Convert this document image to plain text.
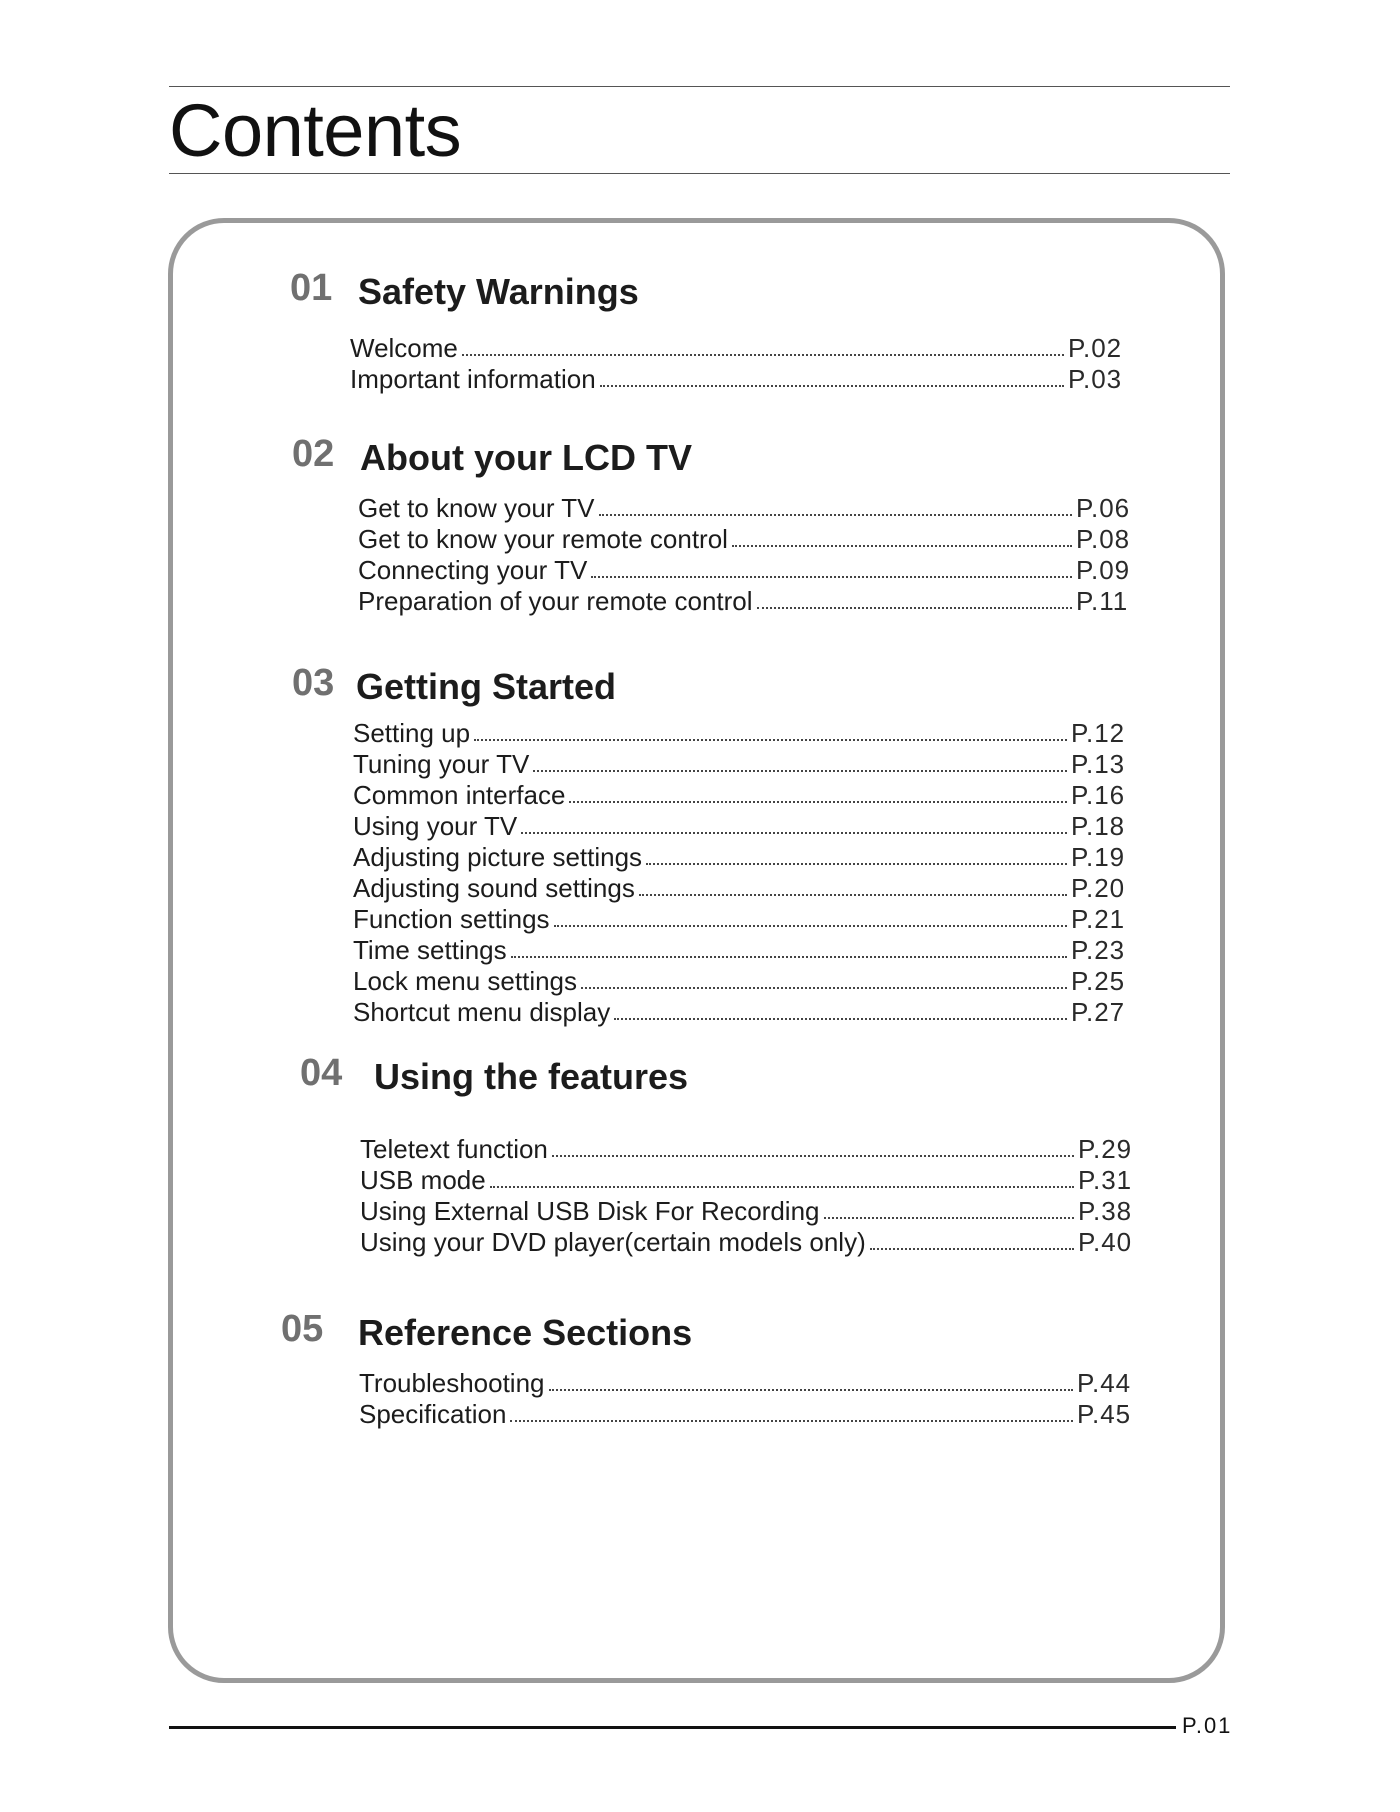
Contents
01 Safety Warnings
Welcome	P.02
Important information	P.03
02 About your LCD TV
Get to know your TV	P.06
Get to know your remote control	P.08
Connecting your TV	P.09
Preparation of your remote control	P.11
03 Getting Started
Setting up	P.12
Tuning your TV	P.13
Common interface	P.16
Using your TV	P.18
Adjusting picture settings	P.19
Adjusting sound settings	P.20
Function settings	P.21
Time settings	P.23
Lock menu settings	P.25
Shortcut menu display	P.27
04 Using the features
Teletext function	P.29
USB mode	P.31
Using External USB Disk For Recording	P.38
Using your DVD player(certain models only)	P.40
05 Reference Sections
Troubleshooting	P.44
Specification	P.45
P.01
